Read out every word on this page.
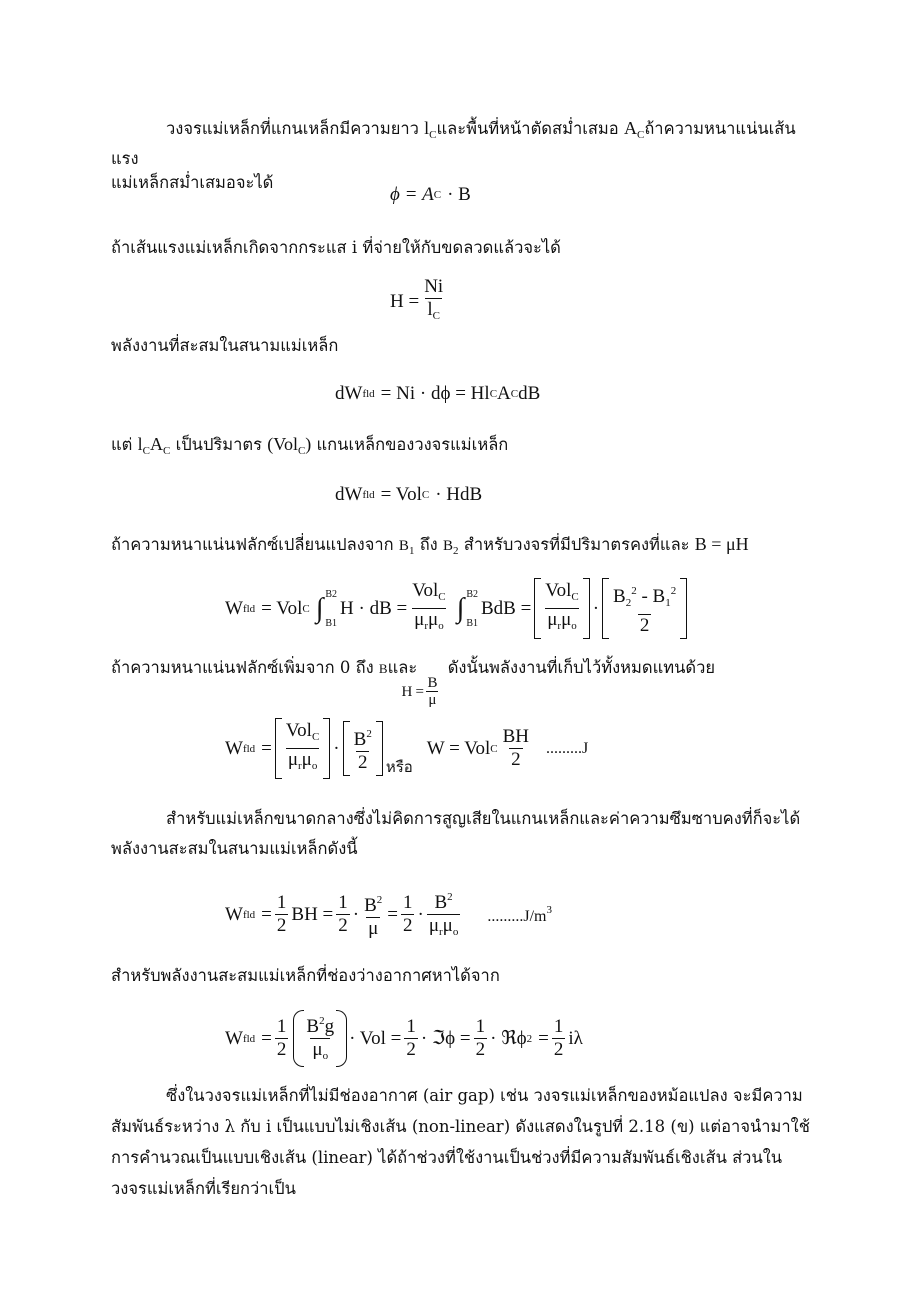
วงจรแม่เหล็กที่แกนเหล็กมีความยาว $l_C$และพื้นที่หน้าตัดสม่ำเสมอ $A_C$ถ้าความหนาแน่นเส้นแรง
แม่เหล็กสม่ำเสมอจะได้

ϕ = A C · B

ถ้าเส้นแรงแม่เหล็กเกิดจากกระแส i ที่จ่ายให้กับขดลวดแล้วจะได้

$H = \frac{Ni}{l_C}$

พลังงานที่สะสมในสนามแม่เหล็ก

dW fld = Ni · dϕ = Hl C A C dB

แต่ $l_CA_C$ เป็นปริมาตร (Vol$_C$) แกนเหล็กของวงจรแม่เหล็ก

dW fld = Vol C · HdB

ถ้าความหนาแน่นฟลักซ์เปลี่ยนแปลงจาก $B_1$ ถึง $B_2$ สำหรับวงจรที่มีปริมาตรคงที่และ B = μH

W fld = Vol C ∫ B2
B1
H · dB = $\frac{Vol_C}{\mu_r\mu_o}$ ∫ B2
B1
BdB = $\frac{Vol_C}{\mu_r\mu_o} \cdot \frac{B_2^2 - B_1^2}{2}$

ถ้าความหนาแน่นฟลักซ์เพิ่มจาก 0 ถึง Bและ
H =
B
μ
ดังนั้นพลังงานที่เก็บไว้ทั้งหมดแทนด้วย

W fld = $\frac{Vol_C}{\mu_r\mu_o} \cdot \frac{B^2}{2}$ หรือ
W = Vol C $\frac{BH}{2} .........J$

สำหรับแม่เหล็กขนาดกลางซึ่งไม่คิดการสูญเสียในแกนเหล็กและค่าความซึมซาบคงที่ก็จะได้พลังงานสะสมในสนามแม่เหล็กดังนี้

W fld = $\frac{1}{2}$ BH = $\frac{1}{2} \cdot \frac{B^2}{\mu} = \frac{1}{2} \cdot \frac{B^2}{\mu_r\mu_o} .........J/m^3$

สำหรับพลังงานสะสมแม่เหล็กที่ช่องว่างอากาศหาได้จาก

W fld = $\frac{1}{2} \frac{B^2g}{\mu_o}$ · Vol = $\frac{1}{2}$ · ℑϕ = $\frac{1}{2}$ · ℜϕ $2 = \frac{1}{2}$ iλ

ซึ่งในวงจรแม่เหล็กที่ไม่มีช่องอากาศ (air gap) เช่น วงจรแม่เหล็กของหม้อแปลง จะมีความสัมพันธ์ระหว่าง λ กับ i เป็นแบบไม่เชิงเส้น (non-linear) ดังแสดงในรูปที่ 2.18 (ข) แต่อาจนำมาใช้การคำนวณเป็นแบบเชิงเส้น (linear) ได้ถ้าช่วงที่ใช้งานเป็นช่วงที่มีความสัมพันธ์เชิงเส้น ส่วนในวงจรแม่เหล็กที่เรียกว่าเป็น
